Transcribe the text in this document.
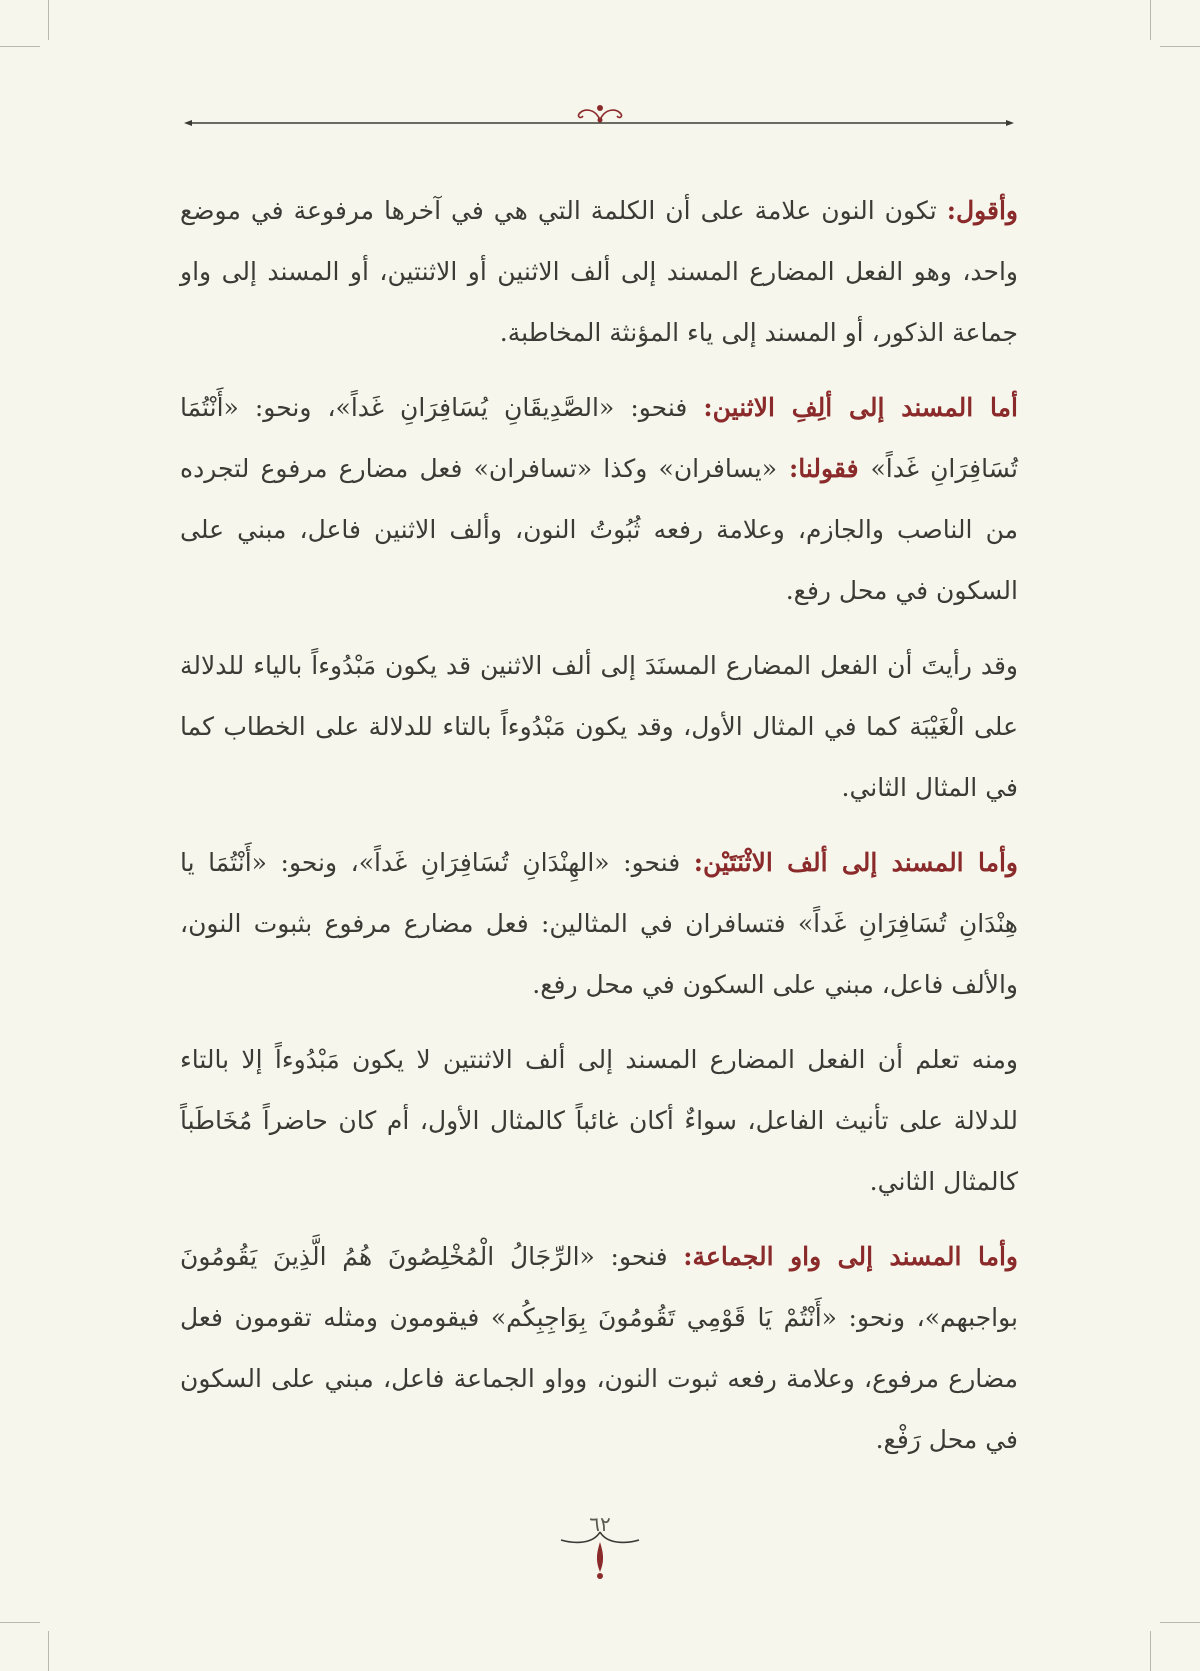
وأقول: تكون النون علامة على أن الكلمة التي هي في آخرها مرفوعة في موضع واحد، وهو الفعل المضارع المسند إلى ألف الاثنين أو الاثنتين، أو المسند إلى واو جماعة الذكور، أو المسند إلى ياء المؤنثة المخاطبة.

أما المسند إلى ألِفِ الاثنين: فنحو: «الصَّدِيقَانِ يُسَافِرَانِ غَداً»، ونحو: «أَنْتُمَا تُسَافِرَانِ غَداً» فقولنا: «يسافران» وكذا «تسافران» فعل مضارع مرفوع لتجرده من الناصب والجازم، وعلامة رفعه ثُبُوتُ النون، وألف الاثنين فاعل، مبني على السكون في محل رفع.

وقد رأيتَ أن الفعل المضارع المسنَدَ إلى ألف الاثنين قد يكون مَبْدُوءاً بالياء للدلالة على الْغَيْبَة كما في المثال الأول، وقد يكون مَبْدُوءاً بالتاء للدلالة على الخطاب كما في المثال الثاني.

وأما المسند إلى ألف الاثْنَتَيْن: فنحو: «الهِنْدَانِ تُسَافِرَانِ غَداً»، ونحو: «أَنْتُمَا يا هِنْدَانِ تُسَافِرَانِ غَداً» فتسافران في المثالين: فعل مضارع مرفوع بثبوت النون، والألف فاعل، مبني على السكون في محل رفع.

ومنه تعلم أن الفعل المضارع المسند إلى ألف الاثنتين لا يكون مَبْدُوءاً إلا بالتاء للدلالة على تأنيث الفاعل، سواءٌ أكان غائباً كالمثال الأول، أم كان حاضراً مُخَاطَباً كالمثال الثاني.

وأما المسند إلى واو الجماعة: فنحو: «الرِّجَالُ الْمُخْلِصُونَ هُمُ الَّذِينَ يَقُومُونَ بواجبهم»، ونحو: «أَنْتُمْ يَا قَوْمِي تَقُومُونَ بِوَاجِبِكُم» فيقومون ومثله تقومون فعل مضارع مرفوع، وعلامة رفعه ثبوت النون، وواو الجماعة فاعل، مبني على السكون في محل رَفْع.

٦٢
